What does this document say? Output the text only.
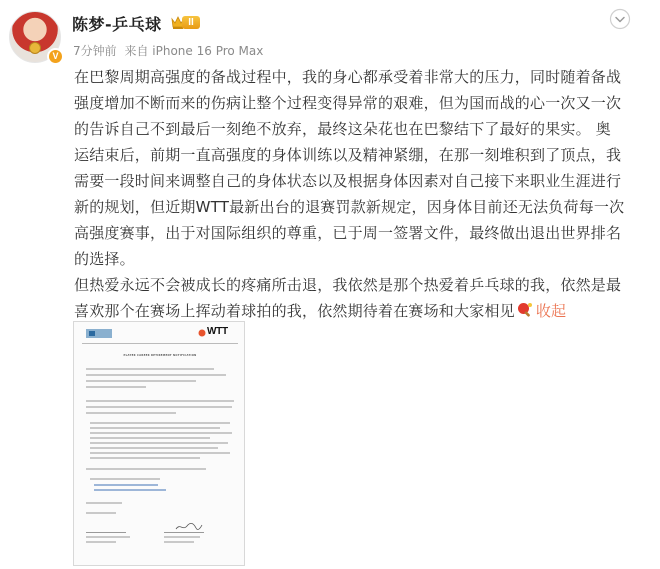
V
陈梦-乒乓球	II
7分钟前 来自 iPhone 16 Pro Max

在巴黎周期高强度的备战过程中，我的身心都承受着非常大的压力，同时随着备战

强度增加不断而来的伤病让整个过程变得异常的艰难，但为国而战的心一次又一次

的告诉自己不到最后一刻绝不放弃，最终这朵花也在巴黎结下了最好的果实。 奥

运结束后，前期一直高强度的身体训练以及精神紧绷，在那一刻堆积到了顶点，我

需要一段时间来调整自己的身体状态以及根据身体因素对自己接下来职业生涯进行

新的规划，但近期WTT最新出台的退赛罚款新规定，因身体目前还无法负荷每一次

高强度赛事，出于对国际组织的尊重，已于周一签署文件，最终做出退出世界排名

的选择。

但热爱永远不会被成长的疼痛所击退，我依然是那个热爱着乒乓球的我，依然是最

喜欢那个在赛场上挥动着球拍的我，依然期待着在赛场和大家相见 收起

WTT
PLAYER CAREER RETIREMENT NOTIFICATION
